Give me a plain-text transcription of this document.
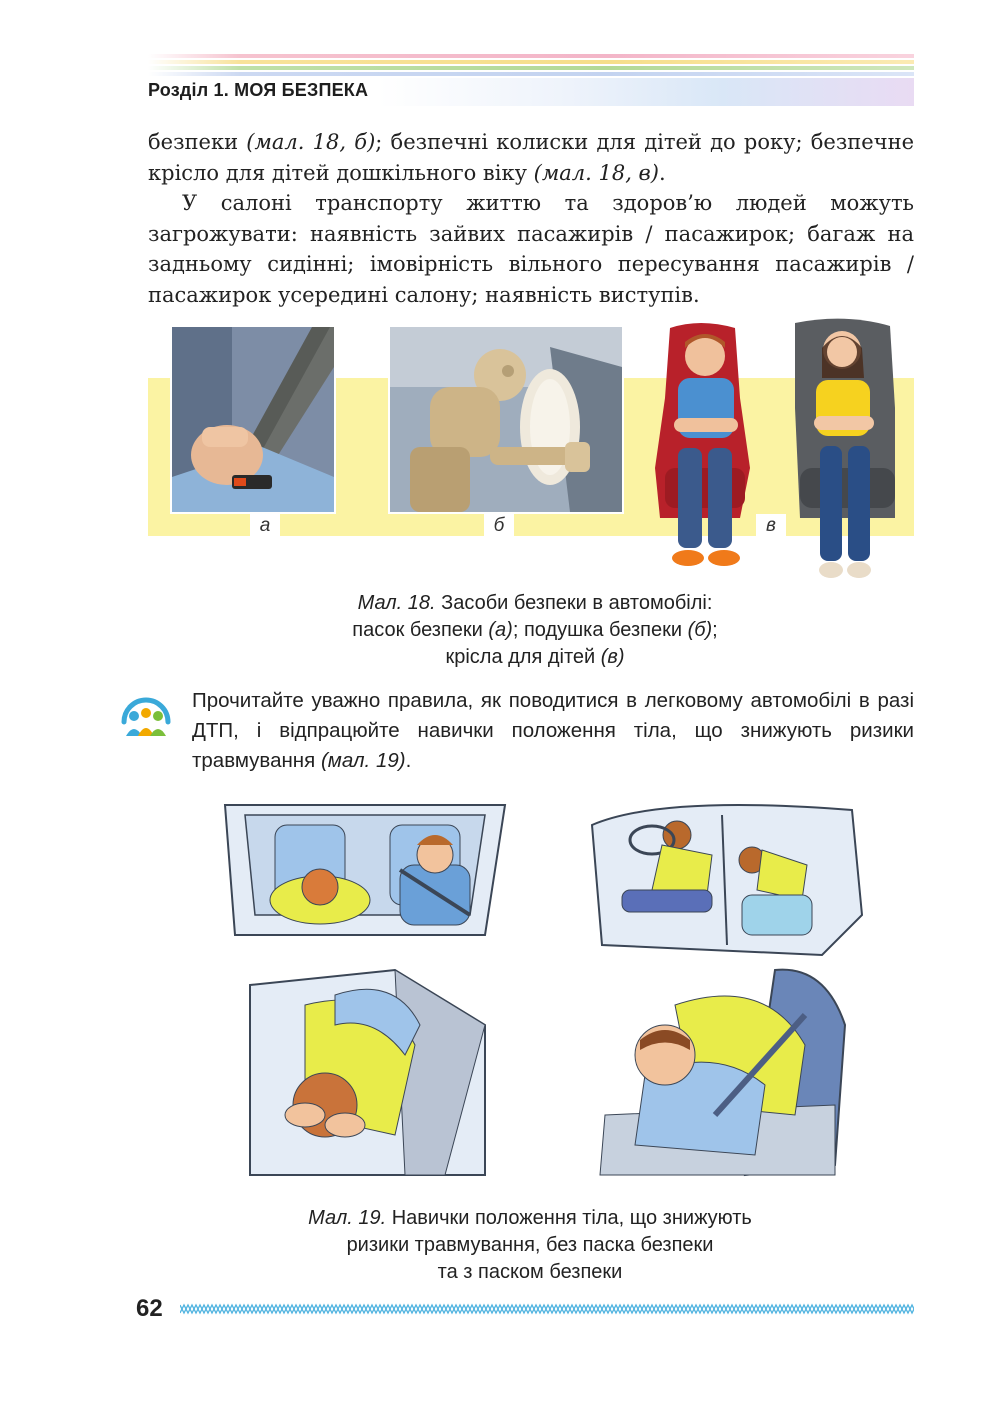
Розділ 1. МОЯ БЕЗПЕКА
безпеки (мал. 18, б); безпечні колиски для дітей до року; безпечне крісло для дітей дошкільного віку (мал. 18, в).
У салоні транспорту життю та здоров’ю людей можуть загрожувати: наявність зайвих пасажирів / пасажирок; багаж на задньому сидінні; імовірність вільного пересування пасажирів / пасажирок усередині салону; наявність виступів.
а	б	в
Мал. 18. Засоби безпеки в автомобілі:
пасок безпеки (а); подушка безпеки (б);
крісла для дітей (в)
Прочитайте уважно правила, як поводитися в легковому автомобілі в разі ДТП, і відпрацюйте навички положення тіла, що знижують ризики травмування (мал. 19).
Мал. 19. Навички положення тіла, що знижують
ризики травмування, без паска безпеки
та з паском безпеки
62
